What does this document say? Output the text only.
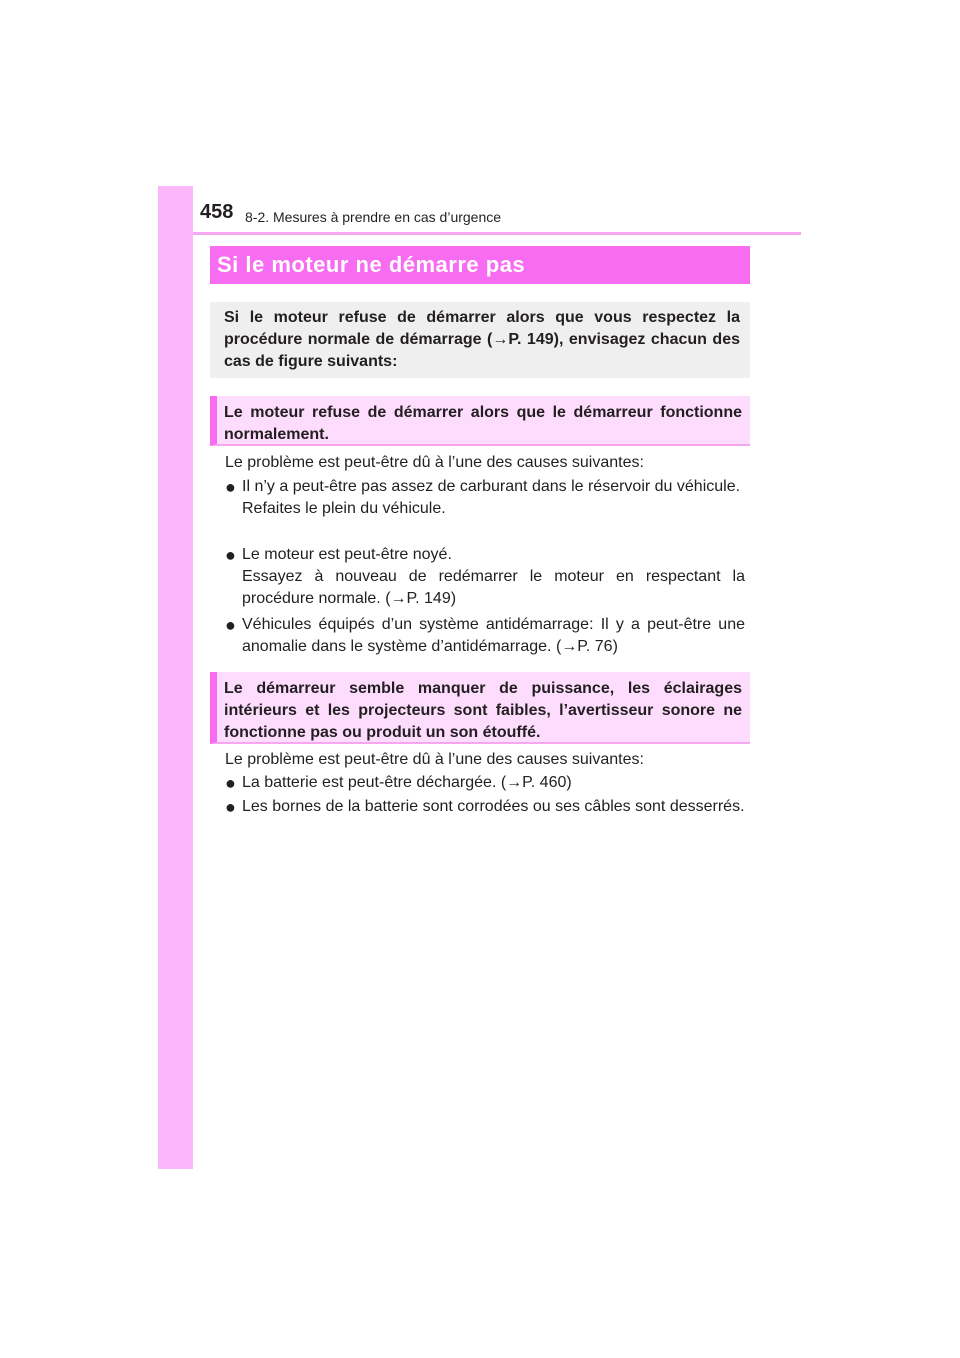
458 8-2. Mesures à prendre en cas d’urgence
Si le moteur ne démarre pas
Si le moteur refuse de démarrer alors que vous respectez la procédure normale de démarrage (→P. 149), envisagez chacun des cas de figure suivants:
Le moteur refuse de démarrer alors que le démarreur fonctionne normalement.
Le problème est peut-être dû à l’une des causes suivantes:
● Il n’y a peut-être pas assez de carburant dans le réservoir du véhicule.
Refaites le plein du véhicule.
● Le moteur est peut-être noyé.
Essayez à nouveau de redémarrer le moteur en respectant la procédure normale. (→P. 149)
● Véhicules équipés d’un système antidémarrage: Il y a peut-être une anomalie dans le système d’antidémarrage. (→P. 76)
Le démarreur semble manquer de puissance, les éclairages intérieurs et les projecteurs sont faibles, l’avertisseur sonore ne fonctionne pas ou produit un son étouffé.
Le problème est peut-être dû à l’une des causes suivantes:
● La batterie est peut-être déchargée. (→P. 460)
● Les bornes de la batterie sont corrodées ou ses câbles sont desserrés.
